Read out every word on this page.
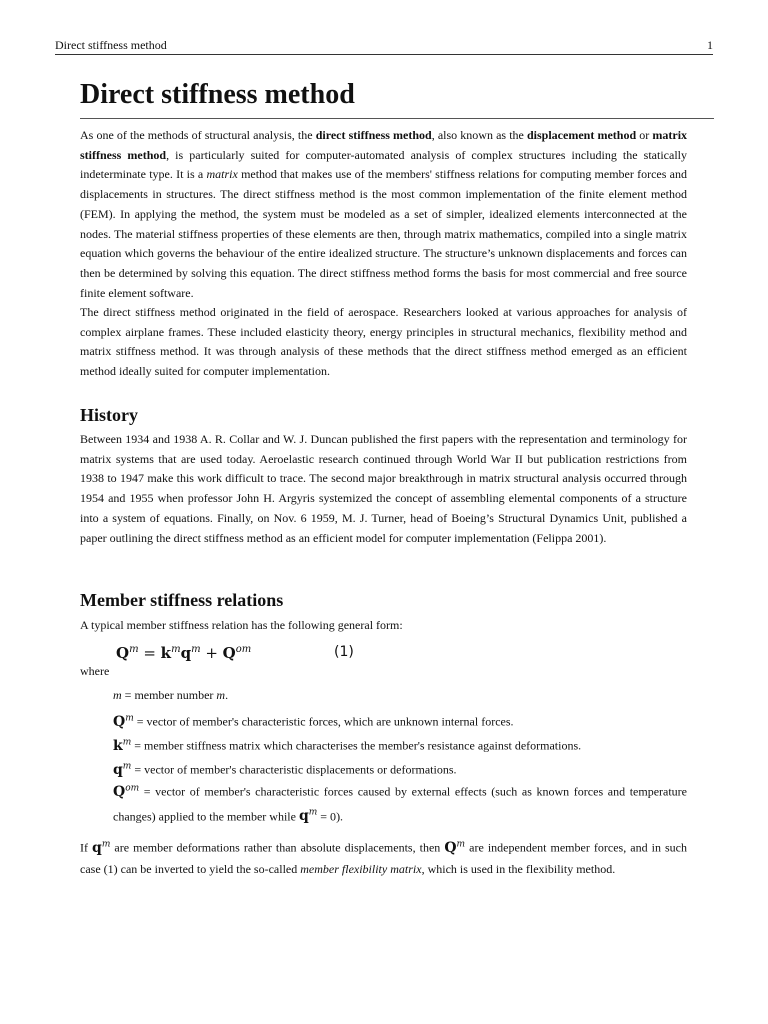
Direct stiffness method	1
Direct stiffness method

As one of the methods of structural analysis, the direct stiffness method, also known as the displacement method or matrix stiffness method, is particularly suited for computer-automated analysis of complex structures including the statically indeterminate type. It is a matrix method that makes use of the members' stiffness relations for computing member forces and displacements in structures. The direct stiffness method is the most common implementation of the finite element method (FEM). In applying the method, the system must be modeled as a set of simpler, idealized elements interconnected at the nodes. The material stiffness properties of these elements are then, through matrix mathematics, compiled into a single matrix equation which governs the behaviour of the entire idealized structure. The structure’s unknown displacements and forces can then be determined by solving this equation. The direct stiffness method forms the basis for most commercial and free source finite element software.

The direct stiffness method originated in the field of aerospace. Researchers looked at various approaches for analysis of complex airplane frames. These included elasticity theory, energy principles in structural mechanics, flexibility method and matrix stiffness method. It was through analysis of these methods that the direct stiffness method emerged as an efficient method ideally suited for computer implementation.

History

Between 1934 and 1938 A. R. Collar and W. J. Duncan published the first papers with the representation and terminology for matrix systems that are used today. Aeroelastic research continued through World War II but publication restrictions from 1938 to 1947 make this work difficult to trace. The second major breakthrough in matrix structural analysis occurred through 1954 and 1955 when professor John H. Argyris systemized the concept of assembling elemental components of a structure into a system of equations. Finally, on Nov. 6 1959, M. J. Turner, head of Boeing’s Structural Dynamics Unit, published a paper outlining the direct stiffness method as an efficient model for computer implementation (Felippa 2001).

Member stiffness relations

A typical member stiffness relation has the following general form:

$Q^m = k^mq^m + Q^{om}$	(1)
where
m = member number m.
$Q^m$ = vector of member's characteristic forces, which are unknown internal forces.
$k^m$ = member stiffness matrix which characterises the member's resistance against deformations.
$q^m$ = vector of member's characteristic displacements or deformations.
$Q^{om}$ = vector of member's characteristic forces caused by external effects (such as known forces and temperature changes) applied to the member while $q^m = 0$).

If $q^m$ are member deformations rather than absolute displacements, then $Q^m$ are independent member forces, and in such case (1) can be inverted to yield the so-called member flexibility matrix, which is used in the flexibility method.
